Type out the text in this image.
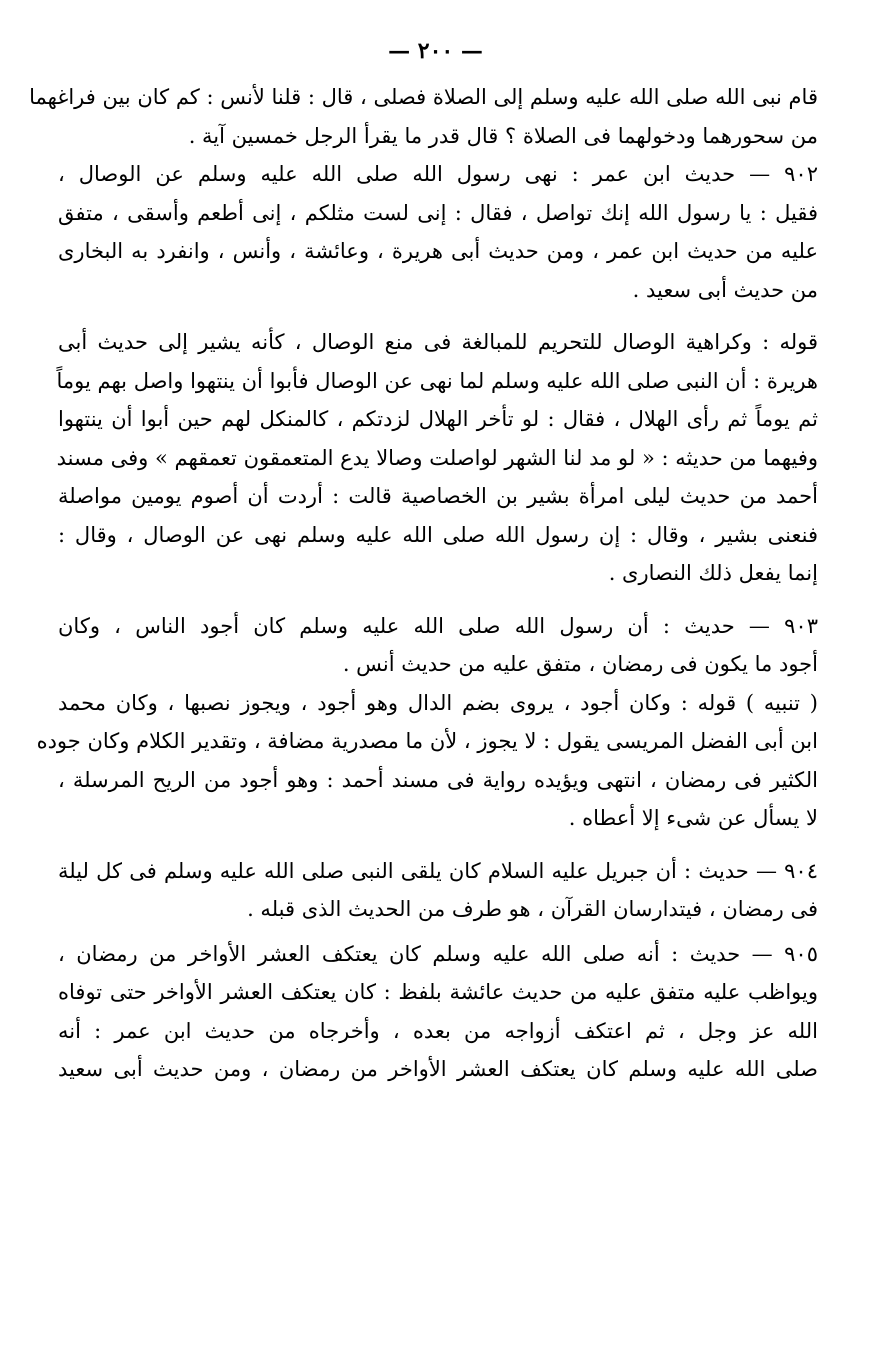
— ٢٠٠ —
قام نبى الله صلى الله عليه وسلم إلى الصلاة فصلى ، قال : قلنا لأنس : كم كان بين فراغهما
من سحورهما ودخولهما فى الصلاة ؟ قال قدر ما يقرأ الرجل خمسين آية .
٩٠٢ — حديث ابن عمر : نهى رسول الله صلى الله عليه وسلم عن الوصال ،
فقيل : يا رسول الله إنك تواصل ، فقال : إنى لست مثلكم ، إنى أطعم وأسقى ، متفق
عليه من حديث ابن عمر ، ومن حديث أبى هريرة ، وعائشة ، وأنس ، وانفرد به البخارى
من حديث أبى سعيد .
قوله : وكراهية الوصال للتحريم للمبالغة فى منع الوصال ، كأنه يشير إلى حديث أبى
هريرة : أن النبى صلى الله عليه وسلم لما نهى عن الوصال فأبوا أن ينتهوا واصل بهم يوماً
ثم يوماً ثم رأى الهلال ، فقال : لو تأخر الهلال لزدتكم ، كالمنكل لهم حين أبوا أن ينتهوا
وفيهما من حديثه : « لو مد لنا الشهر لواصلت وصالا يدع المتعمقون تعمقهم » وفى مسند
أحمد من حديث ليلى امرأة بشير بن الخصاصية قالت : أردت أن أصوم يومين مواصلة
فنعنى بشير ، وقال : إن رسول الله صلى الله عليه وسلم نهى عن الوصال ، وقال :
إنما يفعل ذلك النصارى .
٩٠٣ — حديث : أن رسول الله صلى الله عليه وسلم كان أجود الناس ، وكان
أجود ما يكون فى رمضان ، متفق عليه من حديث أنس .
( تنبيه ) قوله : وكان أجود ، يروى بضم الدال وهو أجود ، ويجوز نصبها ، وكان محمد
ابن أبى الفضل المريسى يقول : لا يجوز ، لأن ما مصدرية مضافة ، وتقدير الكلام وكان جوده
الكثير فى رمضان ، انتهى ويؤيده رواية فى مسند أحمد : وهو أجود من الريح المرسلة ،
لا يسأل عن شىء إلا أعطاه .
٩٠٤ — حديث : أن جبريل عليه السلام كان يلقى النبى صلى الله عليه وسلم فى كل ليلة
فى رمضان ، فيتدارسان القرآن ، هو طرف من الحديث الذى قبله .
٩٠٥ — حديث : أنه صلى الله عليه وسلم كان يعتكف العشر الأواخر من رمضان ،
ويواظب عليه متفق عليه من حديث عائشة بلفظ : كان يعتكف العشر الأواخر حتى توفاه
الله عز وجل ، ثم اعتكف أزواجه من بعده ، وأخرجاه من حديث ابن عمر : أنه
صلى الله عليه وسلم كان يعتكف العشر الأواخر من رمضان ، ومن حديث أبى سعيد
